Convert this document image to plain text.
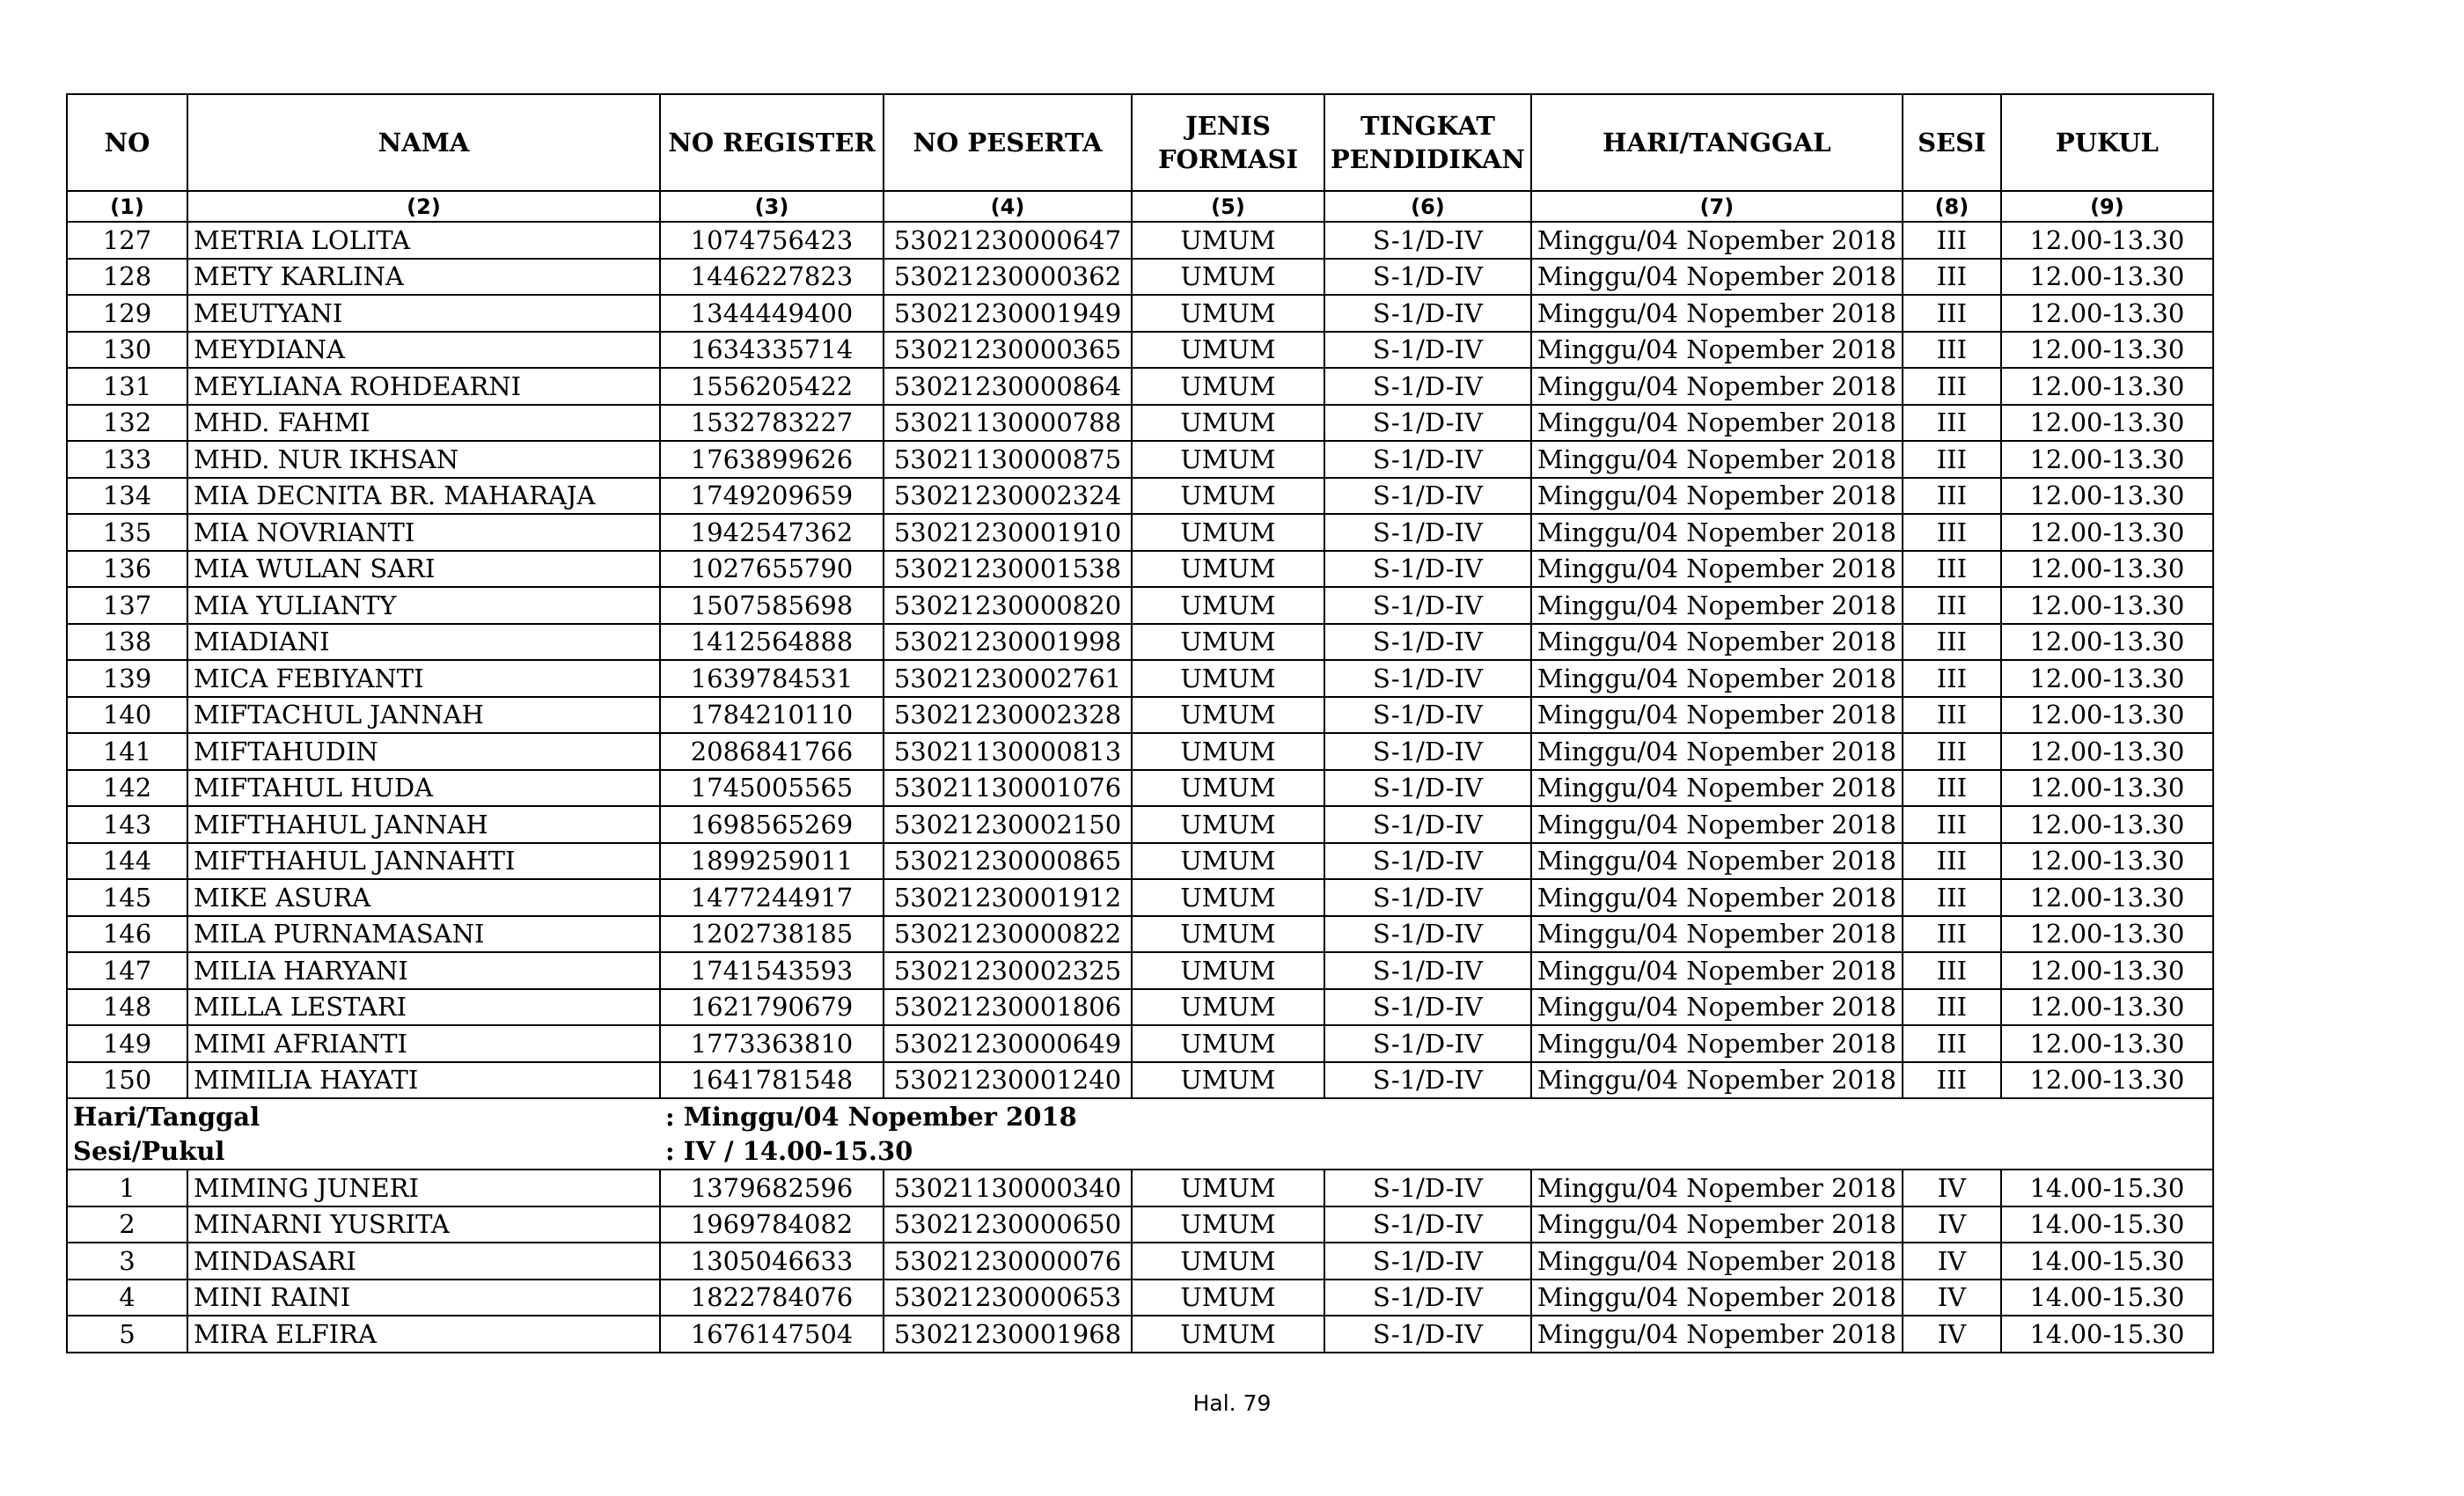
NO	NAMA	NO REGISTER	NO PESERTA	JENIS FORMASI	TINGKAT PENDIDIKAN	HARI/TANGGAL	SESI	PUKUL
(1)	(2)	(3)	(4)	(5)	(6)	(7)	(8)	(9)
127	METRIA LOLITA	1074756423	53021230000647	UMUM	S-1/D-IV	Minggu/04 Nopember 2018	III	12.00-13.30
128	METY KARLINA	1446227823	53021230000362	UMUM	S-1/D-IV	Minggu/04 Nopember 2018	III	12.00-13.30
129	MEUTYANI	1344449400	53021230001949	UMUM	S-1/D-IV	Minggu/04 Nopember 2018	III	12.00-13.30
130	MEYDIANA	1634335714	53021230000365	UMUM	S-1/D-IV	Minggu/04 Nopember 2018	III	12.00-13.30
131	MEYLIANA ROHDEARNI	1556205422	53021230000864	UMUM	S-1/D-IV	Minggu/04 Nopember 2018	III	12.00-13.30
132	MHD. FAHMI	1532783227	53021130000788	UMUM	S-1/D-IV	Minggu/04 Nopember 2018	III	12.00-13.30
133	MHD. NUR IKHSAN	1763899626	53021130000875	UMUM	S-1/D-IV	Minggu/04 Nopember 2018	III	12.00-13.30
134	MIA DECNITA BR. MAHARAJA	1749209659	53021230002324	UMUM	S-1/D-IV	Minggu/04 Nopember 2018	III	12.00-13.30
135	MIA NOVRIANTI	1942547362	53021230001910	UMUM	S-1/D-IV	Minggu/04 Nopember 2018	III	12.00-13.30
136	MIA WULAN SARI	1027655790	53021230001538	UMUM	S-1/D-IV	Minggu/04 Nopember 2018	III	12.00-13.30
137	MIA YULIANTY	1507585698	53021230000820	UMUM	S-1/D-IV	Minggu/04 Nopember 2018	III	12.00-13.30
138	MIADIANI	1412564888	53021230001998	UMUM	S-1/D-IV	Minggu/04 Nopember 2018	III	12.00-13.30
139	MICA FEBIYANTI	1639784531	53021230002761	UMUM	S-1/D-IV	Minggu/04 Nopember 2018	III	12.00-13.30
140	MIFTACHUL JANNAH	1784210110	53021230002328	UMUM	S-1/D-IV	Minggu/04 Nopember 2018	III	12.00-13.30
141	MIFTAHUDIN	2086841766	53021130000813	UMUM	S-1/D-IV	Minggu/04 Nopember 2018	III	12.00-13.30
142	MIFTAHUL HUDA	1745005565	53021130001076	UMUM	S-1/D-IV	Minggu/04 Nopember 2018	III	12.00-13.30
143	MIFTHAHUL JANNAH	1698565269	53021230002150	UMUM	S-1/D-IV	Minggu/04 Nopember 2018	III	12.00-13.30
144	MIFTHAHUL JANNAHTI	1899259011	53021230000865	UMUM	S-1/D-IV	Minggu/04 Nopember 2018	III	12.00-13.30
145	MIKE ASURA	1477244917	53021230001912	UMUM	S-1/D-IV	Minggu/04 Nopember 2018	III	12.00-13.30
146	MILA PURNAMASANI	1202738185	53021230000822	UMUM	S-1/D-IV	Minggu/04 Nopember 2018	III	12.00-13.30
147	MILIA HARYANI	1741543593	53021230002325	UMUM	S-1/D-IV	Minggu/04 Nopember 2018	III	12.00-13.30
148	MILLA LESTARI	1621790679	53021230001806	UMUM	S-1/D-IV	Minggu/04 Nopember 2018	III	12.00-13.30
149	MIMI AFRIANTI	1773363810	53021230000649	UMUM	S-1/D-IV	Minggu/04 Nopember 2018	III	12.00-13.30
150	MIMILIA HAYATI	1641781548	53021230001240	UMUM	S-1/D-IV	Minggu/04 Nopember 2018	III	12.00-13.30
Hari/Tanggal		: Minggu/04 Nopember 2018						
Sesi/Pukul		: IV / 14.00-15.30						
1	MIMING JUNERI	1379682596	53021130000340	UMUM	S-1/D-IV	Minggu/04 Nopember 2018	IV	14.00-15.30
2	MINARNI YUSRITA	1969784082	53021230000650	UMUM	S-1/D-IV	Minggu/04 Nopember 2018	IV	14.00-15.30
3	MINDASARI	1305046633	53021230000076	UMUM	S-1/D-IV	Minggu/04 Nopember 2018	IV	14.00-15.30
4	MINI RAINI	1822784076	53021230000653	UMUM	S-1/D-IV	Minggu/04 Nopember 2018	IV	14.00-15.30
5	MIRA ELFIRA	1676147504	53021230001968	UMUM	S-1/D-IV	Minggu/04 Nopember 2018	IV	14.00-15.30
Hal. 79
